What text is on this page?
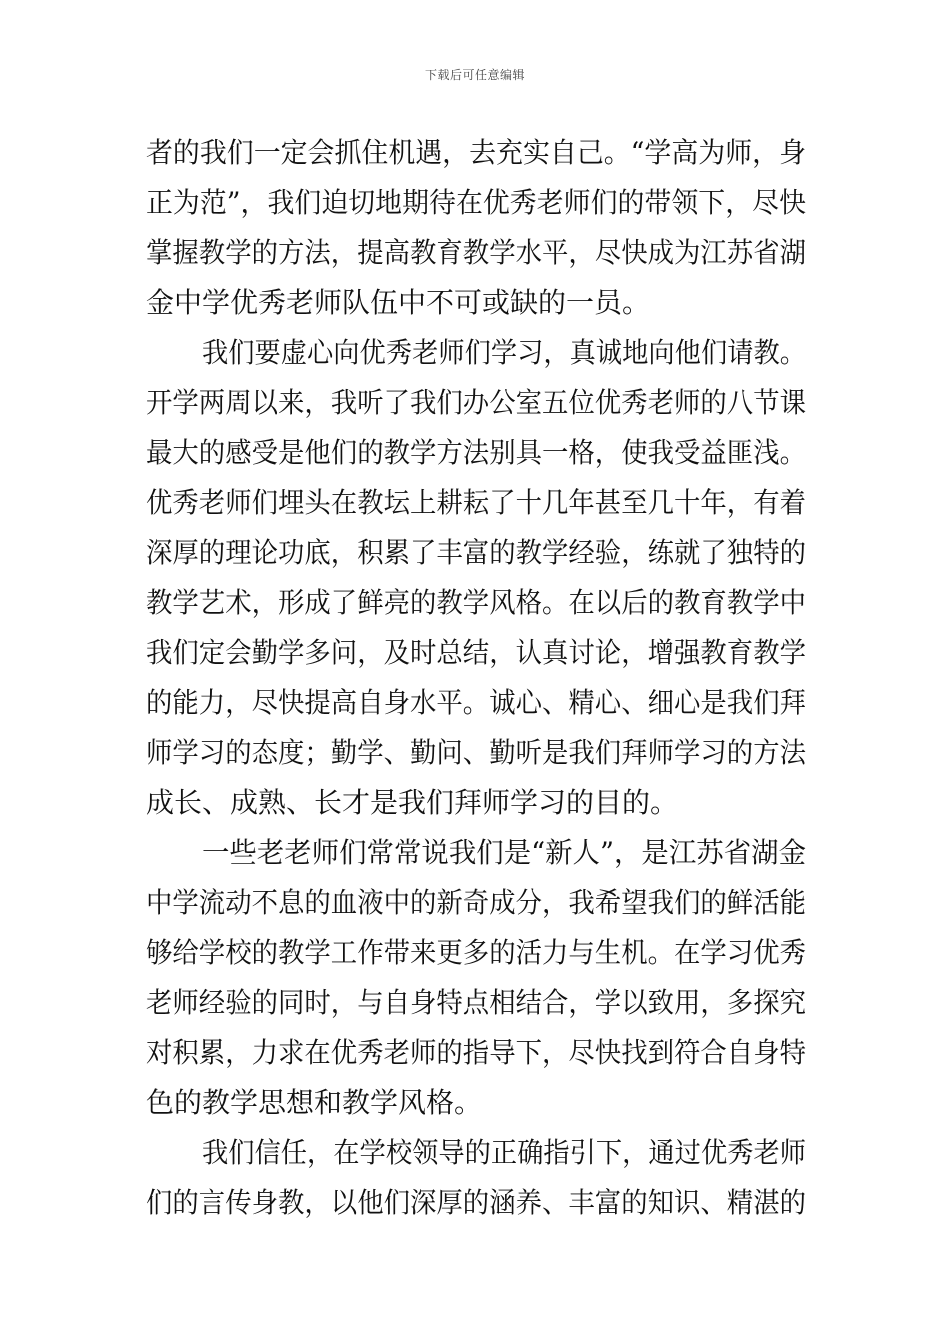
下载后可任意编辑
者的我们一定会抓住机遇，去充实自己。“学高为师，身
正为范”，我们迫切地期待在优秀老师们的带领下，尽快
掌握教学的方法，提高教育教学水平，尽快成为江苏省湖
金中学优秀老师队伍中不可或缺的一员。
我们要虚心向优秀老师们学习，真诚地向他们请教。
开学两周以来，我听了我们办公室五位优秀老师的八节课
最大的感受是他们的教学方法别具一格，使我受益匪浅。
优秀老师们埋头在教坛上耕耘了十几年甚至几十年，有着
深厚的理论功底，积累了丰富的教学经验，练就了独特的
教学艺术，形成了鲜亮的教学风格。在以后的教育教学中
我们定会勤学多问，及时总结，认真讨论，增强教育教学
的能力，尽快提高自身水平。诚心、精心、细心是我们拜
师学习的态度；勤学、勤问、勤听是我们拜师学习的方法
成长、成熟、长才是我们拜师学习的目的。
一些老老师们常常说我们是“新人”，是江苏省湖金
中学流动不息的血液中的新奇成分，我希望我们的鲜活能
够给学校的教学工作带来更多的活力与生机。在学习优秀
老师经验的同时，与自身特点相结合，学以致用，多探究
对积累，力求在优秀老师的指导下，尽快找到符合自身特
色的教学思想和教学风格。
我们信任，在学校领导的正确指引下，通过优秀老师
们的言传身教，以他们深厚的涵养、丰富的知识、精湛的
